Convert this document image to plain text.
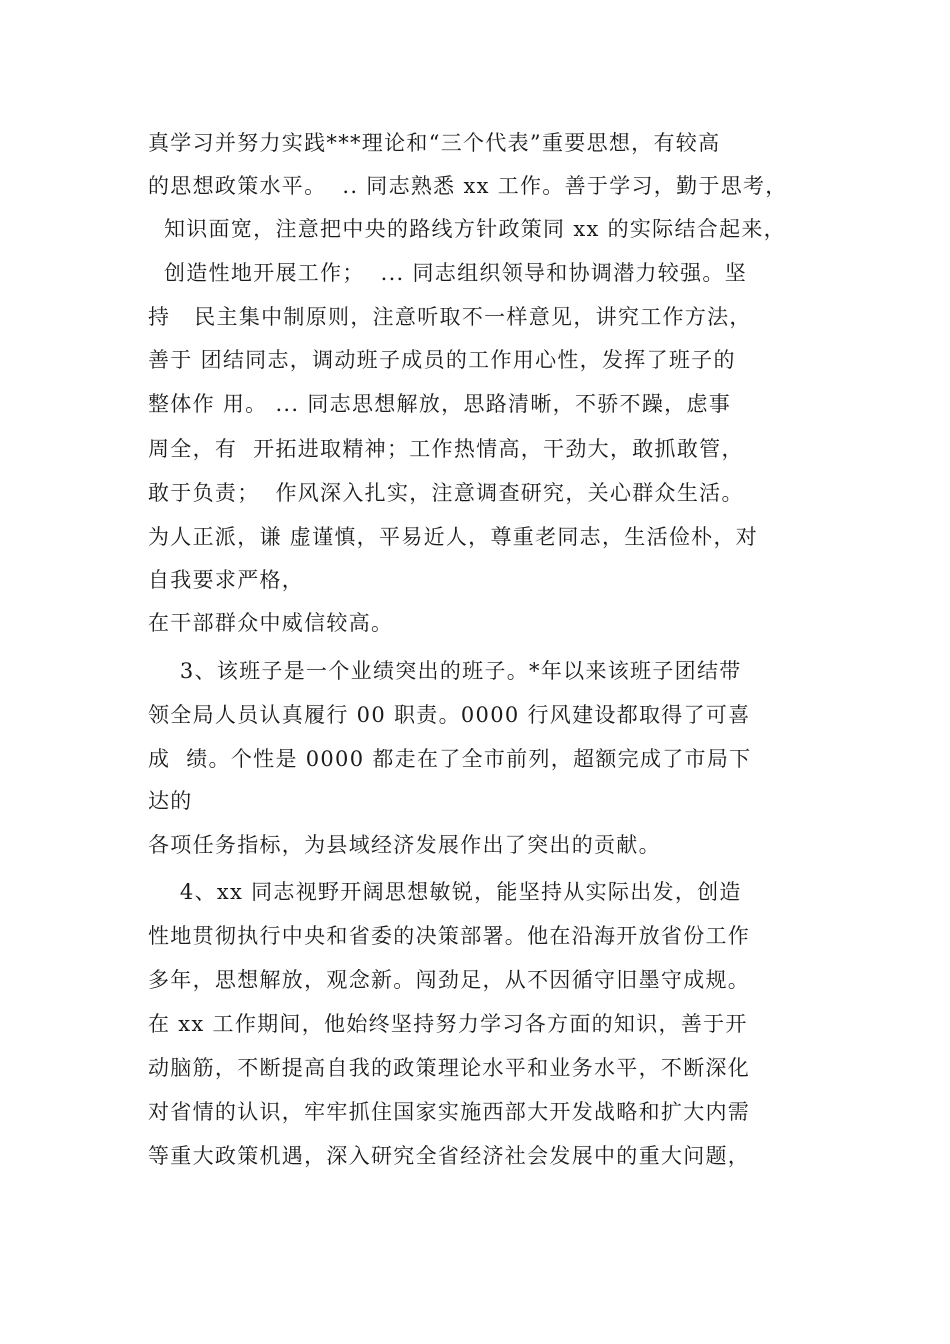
真学习并努力实践***理论和“三个代表”重要思想，有较高

的思想政策水平。  .. 同志熟悉 xx 工作。善于学习，勤于思考，

知识面宽，注意把中央的路线方针政策同 xx 的实际结合起来，

创造性地开展工作；  ... 同志组织领导和协调潜力较强。坚

持   民主集中制原则，注意听取不一样意见，讲究工作方法，

善于 团结同志，调动班子成员的工作用心性，发挥了班子的

整体作 用。 ... 同志思想解放，思路清晰，不骄不躁，虑事

周全，有  开拓进取精神；工作热情高，干劲大，敢抓敢管，

敢于负责；  作风深入扎实，注意调查研究，关心群众生活。

为人正派，谦 虚谨慎，平易近人，尊重老同志，生活俭朴，对

自我要求严格，

在干部群众中威信较高。

3、该班子是一个业绩突出的班子。*年以来该班子团结带

领全局人员认真履行 00 职责。0000 行风建设都取得了可喜

成  绩。个性是 0000 都走在了全市前列，超额完成了市局下

达的

各项任务指标，为县域经济发展作出了突出的贡献。

4、xx 同志视野开阔思想敏锐，能坚持从实际出发，创造

性地贯彻执行中央和省委的决策部署。他在沿海开放省份工作

多年，思想解放，观念新。闯劲足，从不因循守旧墨守成规。

在 xx 工作期间，他始终坚持努力学习各方面的知识，善于开

动脑筋，不断提高自我的政策理论水平和业务水平，不断深化

对省情的认识，牢牢抓住国家实施西部大开发战略和扩大内需

等重大政策机遇，深入研究全省经济社会发展中的重大问题，
